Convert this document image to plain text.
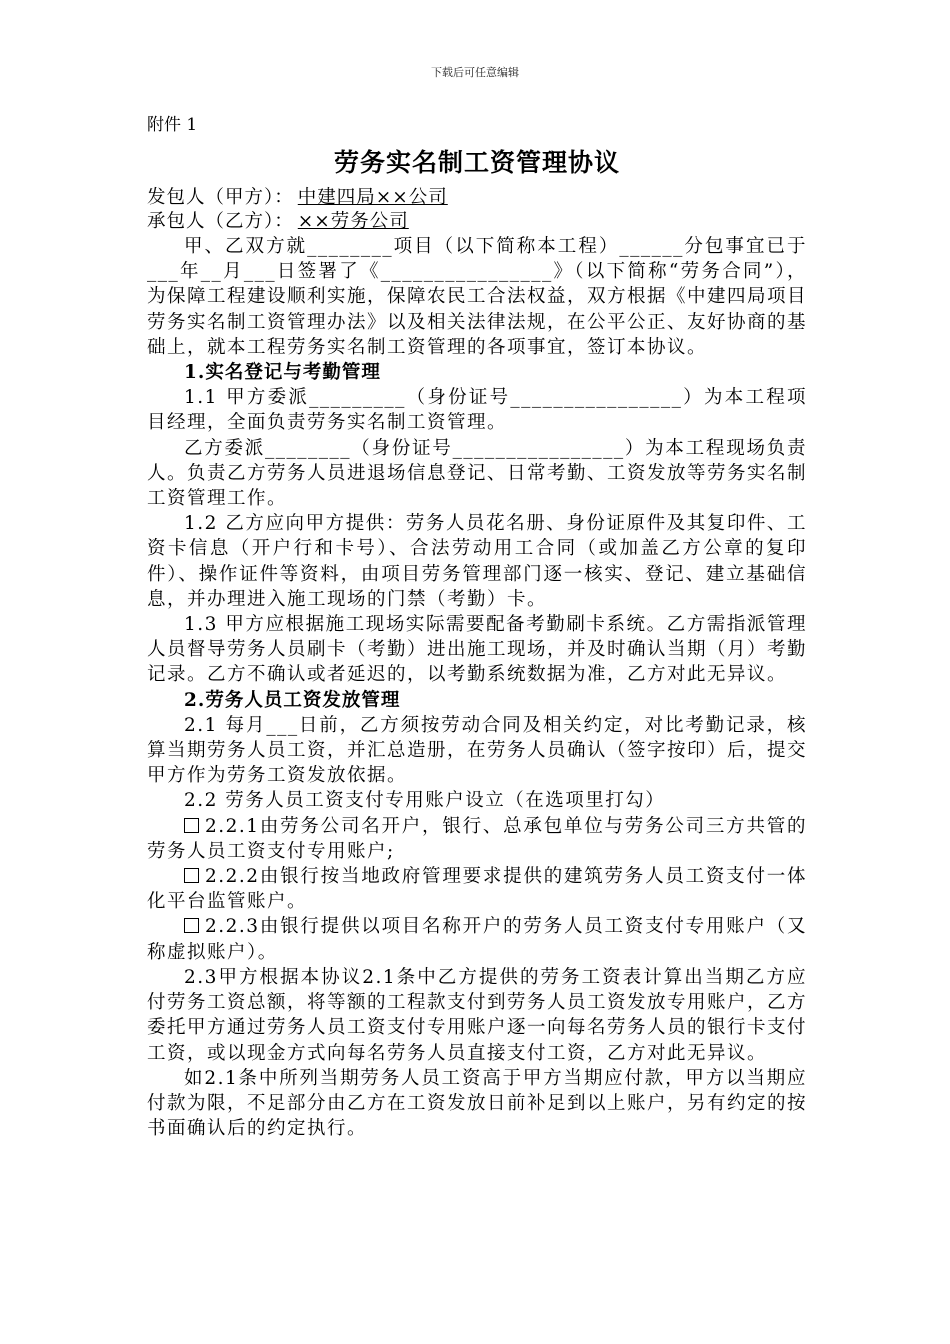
下载后可任意编辑
附件 1
劳务实名制工资管理协议
发包人（甲方）： 中建四局××公司
承包人（乙方）： ××劳务公司

甲、乙双方就________项目（以下简称本工程）______分包事宜已于___年__月___日签署了《________________》（以下简称“劳务合同”），为保障工程建设顺利实施，保障农民工合法权益，双方根据《中建四局项目劳务实名制工资管理办法》以及相关法律法规，在公平公正、友好协商的基础上，就本工程劳务实名制工资管理的各项事宜，签订本协议。

1.实名登记与考勤管理

1.1 甲方委派_________（身份证号________________）为本工程项目经理，全面负责劳务实名制工资管理。

乙方委派________（身份证号________________）为本工程现场负责人。负责乙方劳务人员进退场信息登记、日常考勤、工资发放等劳务实名制工资管理工作。

1.2 乙方应向甲方提供：劳务人员花名册、身份证原件及其复印件、工资卡信息（开户行和卡号）、合法劳动用工合同（或加盖乙方公章的复印件）、操作证件等资料，由项目劳务管理部门逐一核实、登记、建立基础信息，并办理进入施工现场的门禁（考勤）卡。

1.3 甲方应根据施工现场实际需要配备考勤刷卡系统。乙方需指派管理人员督导劳务人员刷卡（考勤）进出施工现场，并及时确认当期（月）考勤记录。乙方不确认或者延迟的，以考勤系统数据为准，乙方对此无异议。

2.劳务人员工资发放管理

2.1 每月___日前，乙方须按劳动合同及相关约定，对比考勤记录，核算当期劳务人员工资，并汇总造册，在劳务人员确认（签字按印）后，提交甲方作为劳务工资发放依据。

2.2 劳务人员工资支付专用账户设立（在选项里打勾）

2.2.1由劳务公司名开户，银行、总承包单位与劳务公司三方共管的劳务人员工资支付专用账户;

2.2.2由银行按当地政府管理要求提供的建筑劳务人员工资支付一体化平台监管账户。

2.2.3由银行提供以项目名称开户的劳务人员工资支付专用账户（又称虚拟账户）。

2.3甲方根据本协议2.1条中乙方提供的劳务工资表计算出当期乙方应付劳务工资总额，将等额的工程款支付到劳务人员工资发放专用账户，乙方委托甲方通过劳务人员工资支付专用账户逐一向每名劳务人员的银行卡支付工资，或以现金方式向每名劳务人员直接支付工资，乙方对此无异议。

如2.1条中所列当期劳务人员工资高于甲方当期应付款，甲方以当期应付款为限，不足部分由乙方在工资发放日前补足到以上账户，另有约定的按书面确认后的约定执行。
